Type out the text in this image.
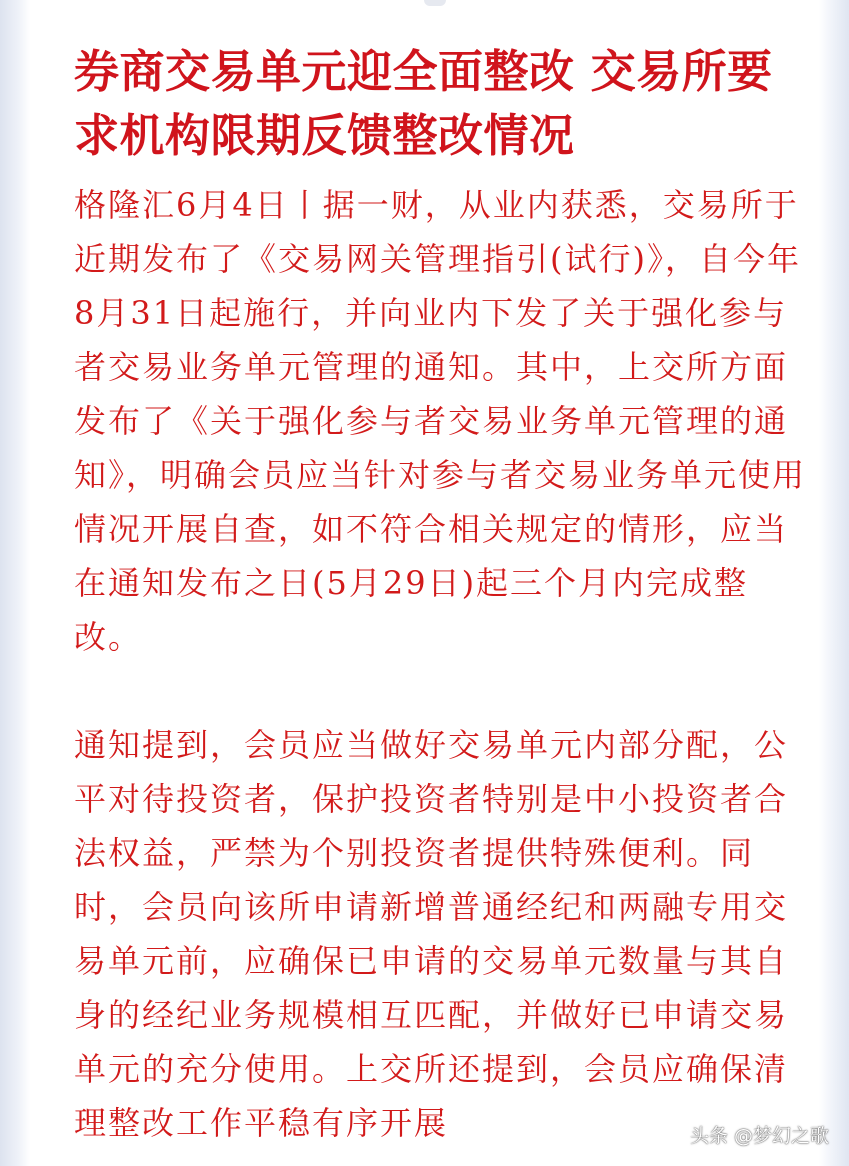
券商交易单元迎全面整改 交易所要求机构限期反馈整改情况

格隆汇6月4日丨据一财，从业内获悉，交易所于近期发布了《交易网关管理指引(试行)》，自今年8月31日起施行，并向业内下发了关于强化参与者交易业务单元管理的通知。其中，上交所方面发布了《关于强化参与者交易业务单元管理的通知》，明确会员应当针对参与者交易业务单元使用情况开展自查，如不符合相关规定的情形，应当在通知发布之日(5月29日)起三个月内完成整改。

通知提到，会员应当做好交易单元内部分配，公平对待投资者，保护投资者特别是中小投资者合法权益，严禁为个别投资者提供特殊便利。同时，会员向该所申请新增普通经纪和两融专用交易单元前，应确保已申请的交易单元数量与其自身的经纪业务规模相互匹配，并做好已申请交易单元的充分使用。上交所还提到，会员应确保清理整改工作平稳有序开展	头条 @梦幻之歌
